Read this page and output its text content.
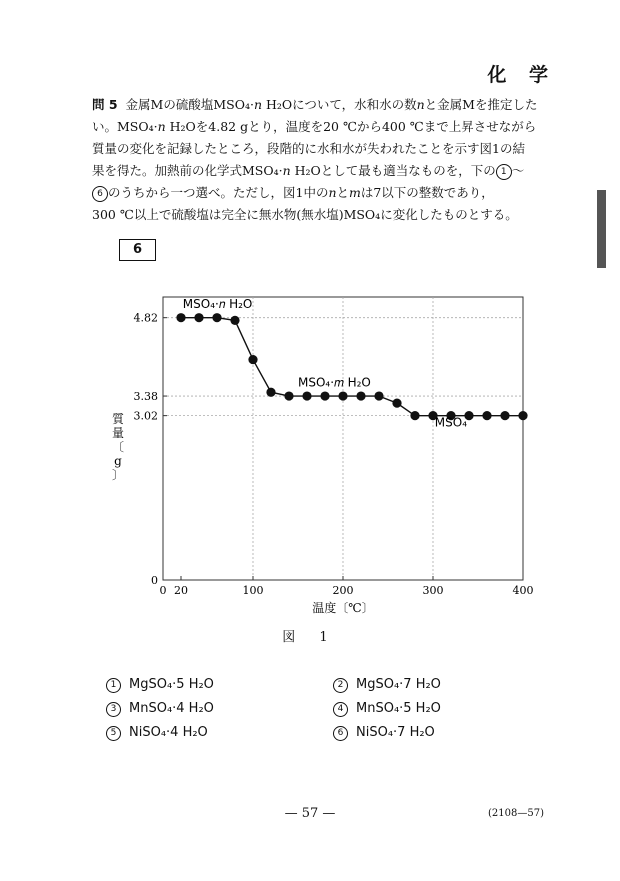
化 学
問 5 金属Mの硫酸塩MSO₄·𝑛 H₂Oについて，水和水の数𝑛と金属Mを推定した
い。MSO₄·𝑛 H₂Oを4.82 gとり，温度を20 ℃から400 ℃まで上昇させながら
質量の変化を記録したところ，段階的に水和水が失われたことを示す図1の結
果を得た。加熱前の化学式MSO₄·𝑛 H₂Oとして最も適当なものを，下の 1 ～
6 のうちから一つ選べ。ただし，図1中の𝑛と𝑚は7以下の整数であり，
300 ℃以上で硫酸塩は完全に無水物(無水塩)MSO₄に変化したものとする。
6
0 20	100	200	300	400
0
3.02
3.38
4.82
MSO₄·𝑛 H₂O
MSO₄·𝑚 H₂O
MSO₄
温度〔℃〕
質
量
〔
g
〕
図 1
1 MgSO₄·5 H₂O	2 MgSO₄·7 H₂O
3 MnSO₄·4 H₂O	4 MnSO₄·5 H₂O
5 NiSO₄·4 H₂O	6 NiSO₄·7 H₂O
— 57 —	(2108—57)
